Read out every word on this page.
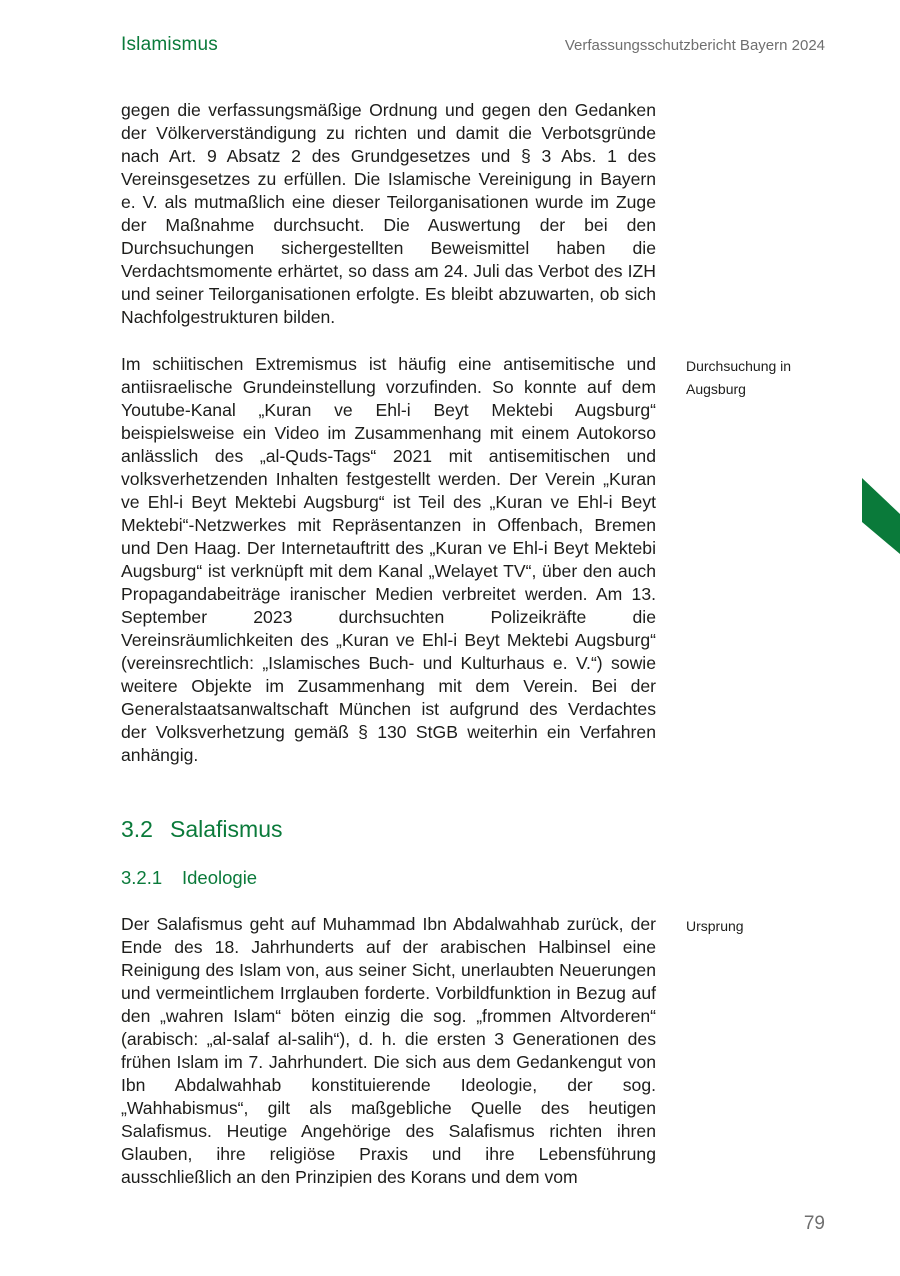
Islamismus	Verfassungsschutzbericht Bayern 2024

gegen die verfassungsmäßige Ordnung und gegen den Gedanken der Völkerverständigung zu richten und damit die Verbotsgründe nach Art. 9 Absatz 2 des Grundgesetzes und § 3 Abs. 1 des Vereinsgesetzes zu erfüllen. Die Islamische Vereinigung in Bayern e. V. als mutmaßlich eine dieser Teilorganisationen wurde im Zuge der Maßnahme durchsucht. Die Auswertung der bei den Durchsuchungen sichergestellten Beweismittel haben die Verdachtsmomente erhärtet, so dass am 24. Juli das Verbot des IZH und seiner Teilorganisationen erfolgte. Es bleibt abzuwarten, ob sich Nachfolgestrukturen bilden.

Im schiitischen Extremismus ist häufig eine antisemitische und antiisraelische Grundeinstellung vorzufinden. So konnte auf dem Youtube-Kanal „Kuran ve Ehl-i Beyt Mektebi Augsburg“ beispielsweise ein Video im Zusammenhang mit einem Autokorso anlässlich des „al-Quds-Tags“ 2021 mit antisemitischen und volksverhetzenden Inhalten festgestellt werden. Der Verein „Kuran ve Ehl-i Beyt Mektebi Augsburg“ ist Teil des „Kuran ve Ehl-i Beyt Mektebi“-Netzwerkes mit Repräsentanzen in Offenbach, Bremen und Den Haag. Der Internetauftritt des „Kuran ve Ehl-i Beyt Mektebi Augsburg“ ist verknüpft mit dem Kanal „Welayet TV“, über den auch Propagandabeiträge iranischer Medien verbreitet werden. Am 13. September 2023 durchsuchten Polizeikräfte die Vereinsräumlichkeiten des „Kuran ve Ehl-i Beyt Mektebi Augsburg“ (vereinsrechtlich: „Islamisches Buch- und Kulturhaus e. V.“) sowie weitere Objekte im Zusammenhang mit dem Verein. Bei der Generalstaatsanwaltschaft München ist aufgrund des Verdachtes der Volksverhetzung gemäß § 130 StGB weiterhin ein Verfahren anhängig.

Durchsuchung in Augsburg
3.2 Salafismus
3.2.1 Ideologie

Der Salafismus geht auf Muhammad Ibn Abdalwahhab zurück, der Ende des 18. Jahrhunderts auf der arabischen Halbinsel eine Reinigung des Islam von, aus seiner Sicht, unerlaubten Neuerungen und vermeintlichem Irrglauben forderte. Vorbildfunktion in Bezug auf den „wahren Islam“ böten einzig die sog. „frommen Altvorderen“ (arabisch: „al-salaf al-salih“), d. h. die ersten 3 Generationen des frühen Islam im 7. Jahrhundert. Die sich aus dem Gedankengut von Ibn Abdalwahhab konstituierende Ideologie, der sog. „Wahhabismus“, gilt als maßgebliche Quelle des heutigen Salafismus. Heutige Angehörige des Salafismus richten ihren Glauben, ihre religiöse Praxis und ihre Lebensführung ausschließlich an den Prinzipien des Korans und dem vom

Ursprung
79
